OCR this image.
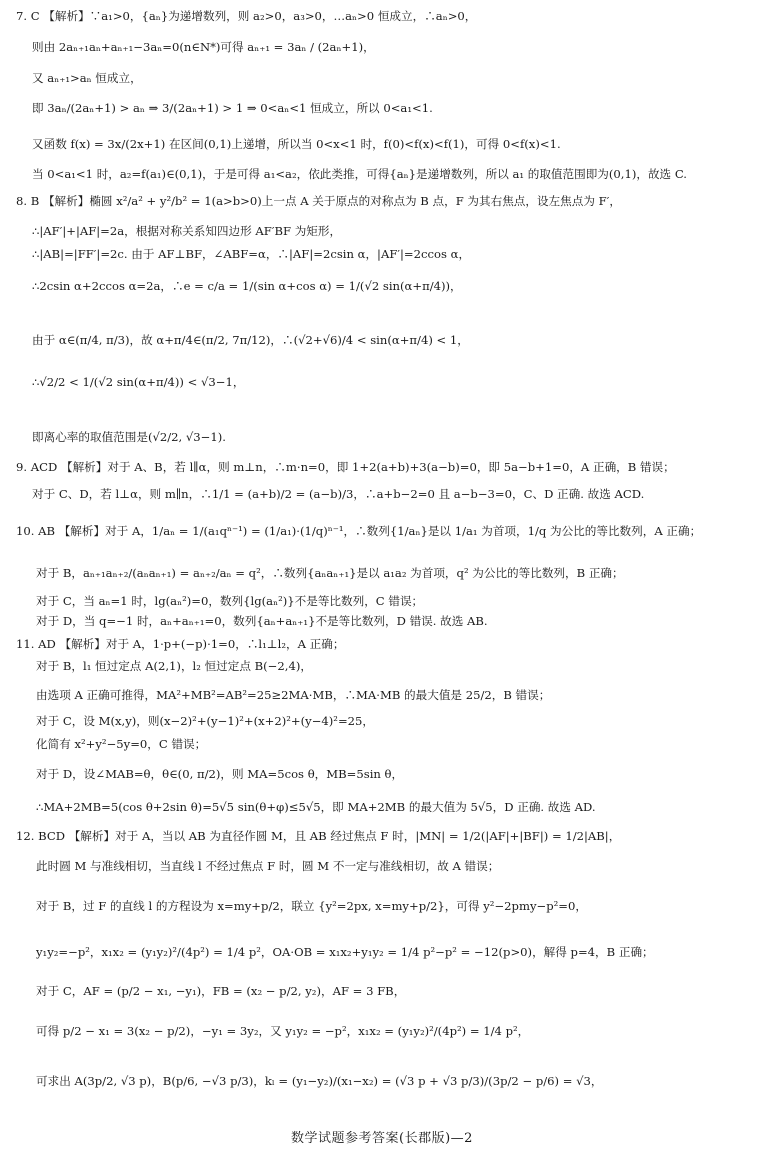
7. C 【解析】∵a₁>0，{aₙ}为递增数列，则 a₂>0，a₃>0，…aₙ>0 恒成立，∴aₙ>0，
则由 2aₙ₊₁aₙ+aₙ₊₁−3aₙ=0(n∈N*)可得 aₙ₊₁ = 3aₙ / (2aₙ+1)，
又 aₙ₊₁>aₙ 恒成立，
即 3aₙ/(2aₙ+1) > aₙ ⇒ 3/(2aₙ+1) > 1 ⇒ 0<aₙ<1 恒成立，所以 0<a₁<1.
又函数 f(x) = 3x/(2x+1) 在区间(0,1)上递增，所以当 0<x<1 时，f(0)<f(x)<f(1)，可得 0<f(x)<1.
当 0<a₁<1 时，a₂=f(a₁)∈(0,1)，于是可得 a₁<a₂，依此类推，可得{aₙ}是递增数列，所以 a₁ 的取值范围即为(0,1)，故选 C.
8. B 【解析】椭圆 x²/a² + y²/b² = 1(a>b>0)上一点 A 关于原点的对称点为 B 点，F 为其右焦点，设左焦点为 F′，
∴|AF′|+|AF|=2a，根据对称关系知四边形 AF′BF 为矩形，
∴|AB|=|FF′|=2c. 由于 AF⊥BF，∠ABF=α，∴|AF|=2csin α，|AF′|=2ccos α，
∴2csin α+2ccos α=2a，∴e = c/a = 1/(sin α+cos α) = 1/(√2 sin(α+π/4))，
由于 α∈(π/4, π/3)，故 α+π/4∈(π/2, 7π/12)，∴(√2+√6)/4 < sin(α+π/4) < 1，
∴√2/2 < 1/(√2 sin(α+π/4)) < √3−1，
即离心率的取值范围是(√2/2, √3−1).
9. ACD 【解析】对于 A、B，若 l∥α，则 m⊥n，∴m·n=0，即 1+2(a+b)+3(a−b)=0，即 5a−b+1=0，A 正确，B 错误；
对于 C、D，若 l⊥α，则 m∥n，∴1/1 = (a+b)/2 = (a−b)/3，∴a+b−2=0 且 a−b−3=0，C、D 正确. 故选 ACD.
10. AB 【解析】对于 A，1/aₙ = 1/(a₁qⁿ⁻¹) = (1/a₁)·(1/q)ⁿ⁻¹，∴数列{1/aₙ}是以 1/a₁ 为首项，1/q 为公比的等比数列，A 正确；
对于 B，aₙ₊₁aₙ₊₂/(aₙaₙ₊₁) = aₙ₊₂/aₙ = q²，∴数列{aₙaₙ₊₁}是以 a₁a₂ 为首项，q² 为公比的等比数列，B 正确；
对于 C，当 aₙ=1 时，lg(aₙ²)=0，数列{lg(aₙ²)}不是等比数列，C 错误；
对于 D，当 q=−1 时，aₙ+aₙ₊₁=0，数列{aₙ+aₙ₊₁}不是等比数列，D 错误. 故选 AB.
11. AD 【解析】对于 A，1·p+(−p)·1=0，∴l₁⊥l₂，A 正确；
对于 B，l₁ 恒过定点 A(2,1)，l₂ 恒过定点 B(−2,4)，
由选项 A 正确可推得，MA²+MB²=AB²=25≥2MA·MB，∴MA·MB 的最大值是 25/2，B 错误；
对于 C，设 M(x,y)，则(x−2)²+(y−1)²+(x+2)²+(y−4)²=25，
化简有 x²+y²−5y=0，C 错误；
对于 D，设∠MAB=θ，θ∈(0, π/2)，则 MA=5cos θ，MB=5sin θ，
∴MA+2MB=5(cos θ+2sin θ)=5√5 sin(θ+φ)≤5√5，即 MA+2MB 的最大值为 5√5，D 正确. 故选 AD.
12. BCD 【解析】对于 A，当以 AB 为直径作圆 M，且 AB 经过焦点 F 时，|MN| = 1/2(|AF|+|BF|) = 1/2|AB|，
此时圆 M 与准线相切，当直线 l 不经过焦点 F 时，圆 M 不一定与准线相切，故 A 错误；
对于 B，过 F 的直线 l 的方程设为 x=my+p/2，联立 {y²=2px, x=my+p/2}，可得 y²−2pmy−p²=0，
y₁y₂=−p²，x₁x₂ = (y₁y₂)²/(4p²) = 1/4 p²，OA·OB = x₁x₂+y₁y₂ = 1/4 p²−p² = −12(p>0)，解得 p=4，B 正确；
对于 C，AF = (p/2 − x₁, −y₁)，FB = (x₂ − p/2, y₂)，AF = 3 FB，
可得 p/2 − x₁ = 3(x₂ − p/2)，−y₁ = 3y₂，又 y₁y₂ = −p²，x₁x₂ = (y₁y₂)²/(4p²) = 1/4 p²，
可求出 A(3p/2, √3 p)，B(p/6, −√3 p/3)，kₗ = (y₁−y₂)/(x₁−x₂) = (√3 p + √3 p/3)/(3p/2 − p/6) = √3，
数学试题参考答案(长郡版)—2
